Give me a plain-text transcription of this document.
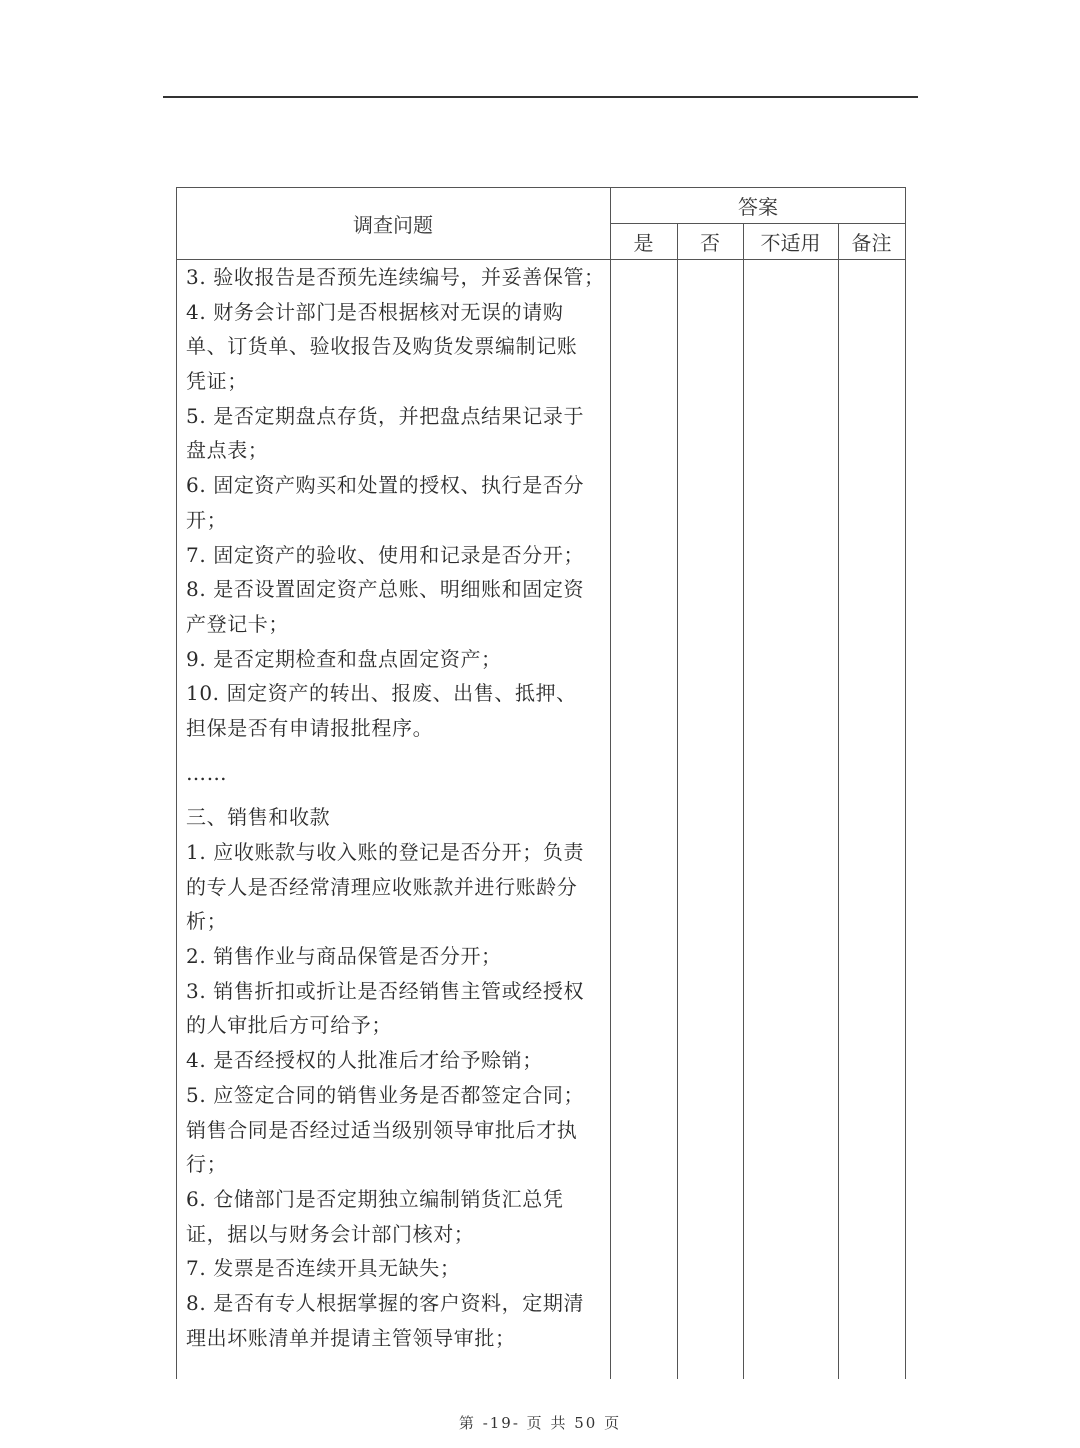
调查问题
答案
是	否	不适用	备注
3. 验收报告是否预先连续编号，并妥善保管；
4. 财务会计部门是否根据核对无误的请购
单、订货单、验收报告及购货发票编制记账
凭证；
5. 是否定期盘点存货，并把盘点结果记录于
盘点表；
6. 固定资产购买和处置的授权、执行是否分
开；
7. 固定资产的验收、使用和记录是否分开；
8. 是否设置固定资产总账、明细账和固定资
产登记卡；
9. 是否定期检查和盘点固定资产；
10. 固定资产的转出、报废、出售、抵押、
担保是否有申请报批程序。
……
三、销售和收款
1. 应收账款与收入账的登记是否分开；负责
的专人是否经常清理应收账款并进行账龄分
析；
2. 销售作业与商品保管是否分开；
3. 销售折扣或折让是否经销售主管或经授权
的人审批后方可给予；
4. 是否经授权的人批准后才给予赊销；
5. 应签定合同的销售业务是否都签定合同；
销售合同是否经过适当级别领导审批后才执
行；
6. 仓储部门是否定期独立编制销货汇总凭
证，据以与财务会计部门核对；
7. 发票是否连续开具无缺失；
8. 是否有专人根据掌握的客户资料，定期清
理出坏账清单并提请主管领导审批；
第 -19- 页 共 50 页
